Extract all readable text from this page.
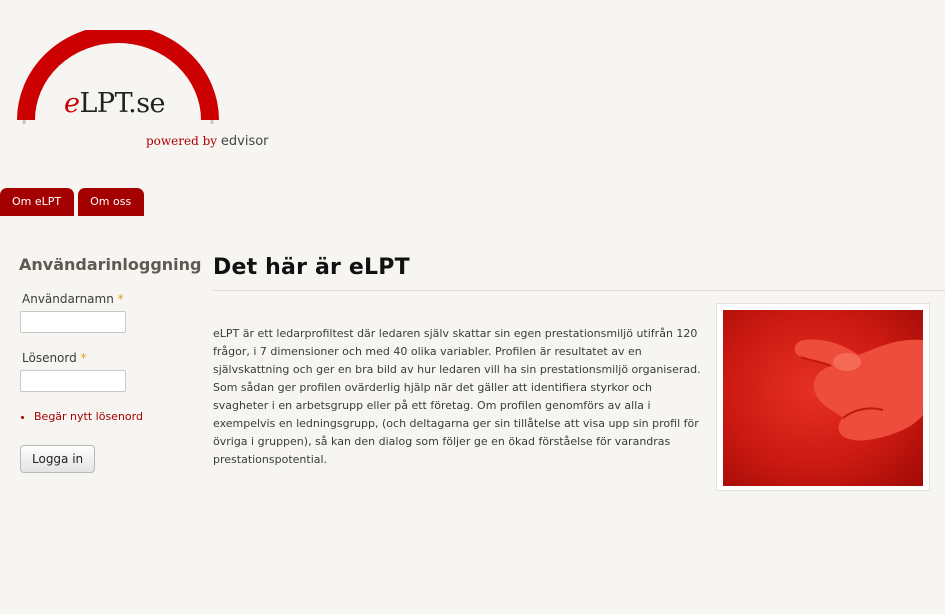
eLPT.se
powered by edvisor
Om eLPT	Om oss
Användarinloggning
Användarnamn *
Lösenord *
• Begär nytt lösenord
Logga in
Det här är eLPT

eLPT är ett ledarprofiltest där ledaren själv skattar sin egen prestationsmiljö utifrån 120 frågor, i 7 dimensioner och med 40 olika variabler. Profilen är resultatet av en självskattning och ger en bra bild av hur ledaren vill ha sin prestationsmiljö organiserad. Som sådan ger profilen ovärderlig hjälp när det gäller att identifiera styrkor och svagheter i en arbetsgrupp eller på ett företag. Om profilen genomförs av alla i exempelvis en ledningsgrupp, (och deltagarna ger sin tillåtelse att visa upp sin profil för övriga i gruppen), så kan den dialog som följer ge en ökad förståelse för varandras prestationspotential.
